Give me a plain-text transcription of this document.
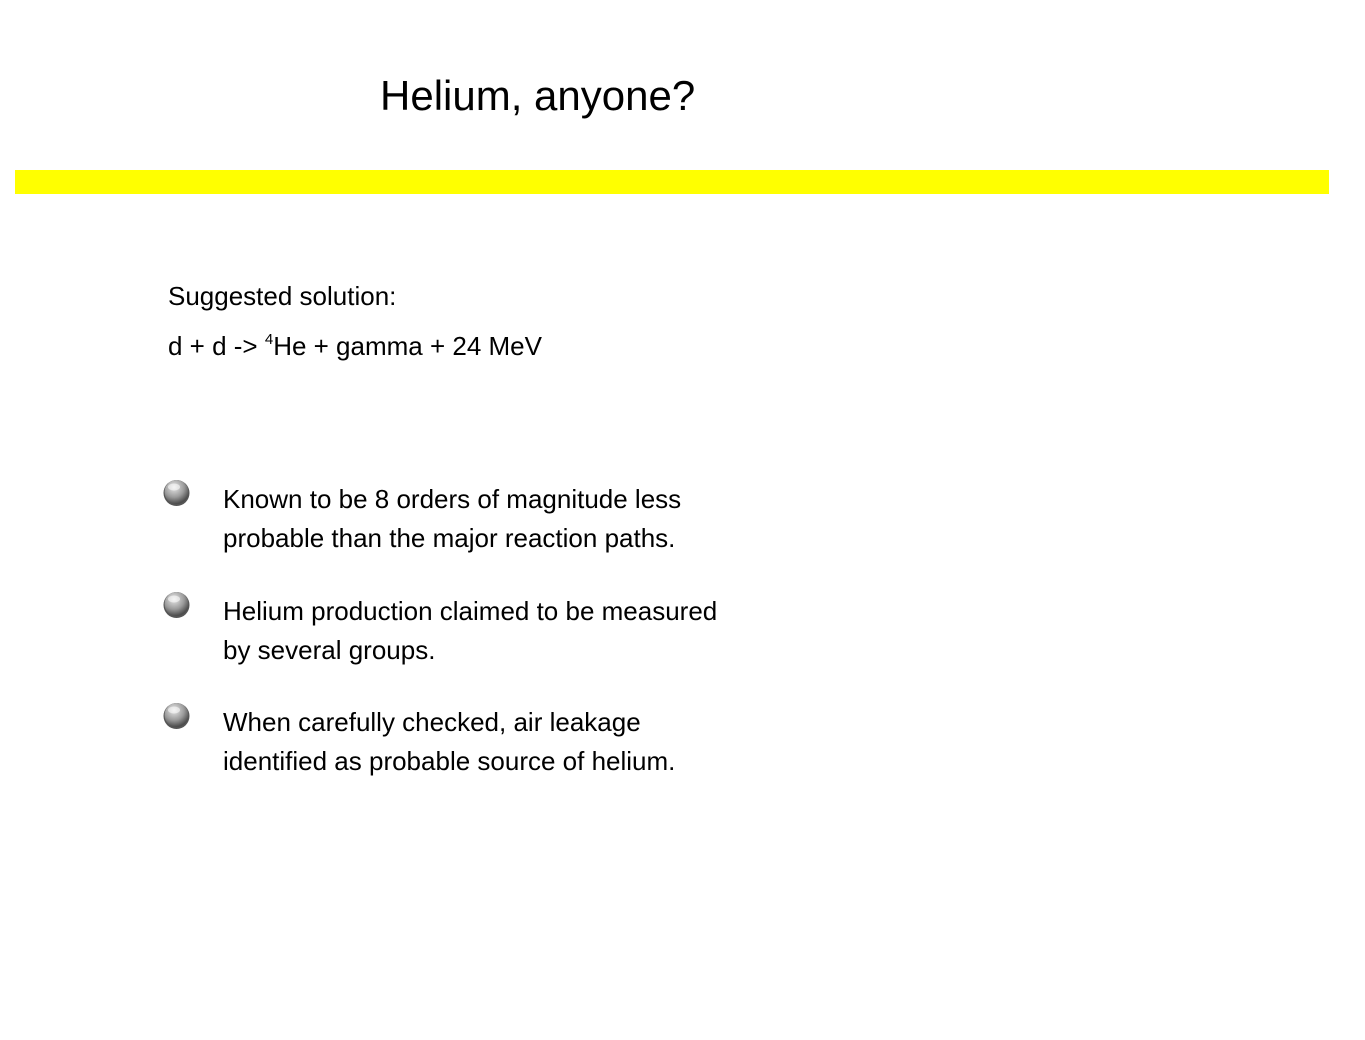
Helium, anyone?
Suggested solution:
d + d -> $^4$He + gamma + 24 MeV
Known to be 8 orders of magnitude less
probable than the major reaction paths.
Helium production claimed to be measured
by several groups.
When carefully checked, air leakage
identified as probable source of helium.
